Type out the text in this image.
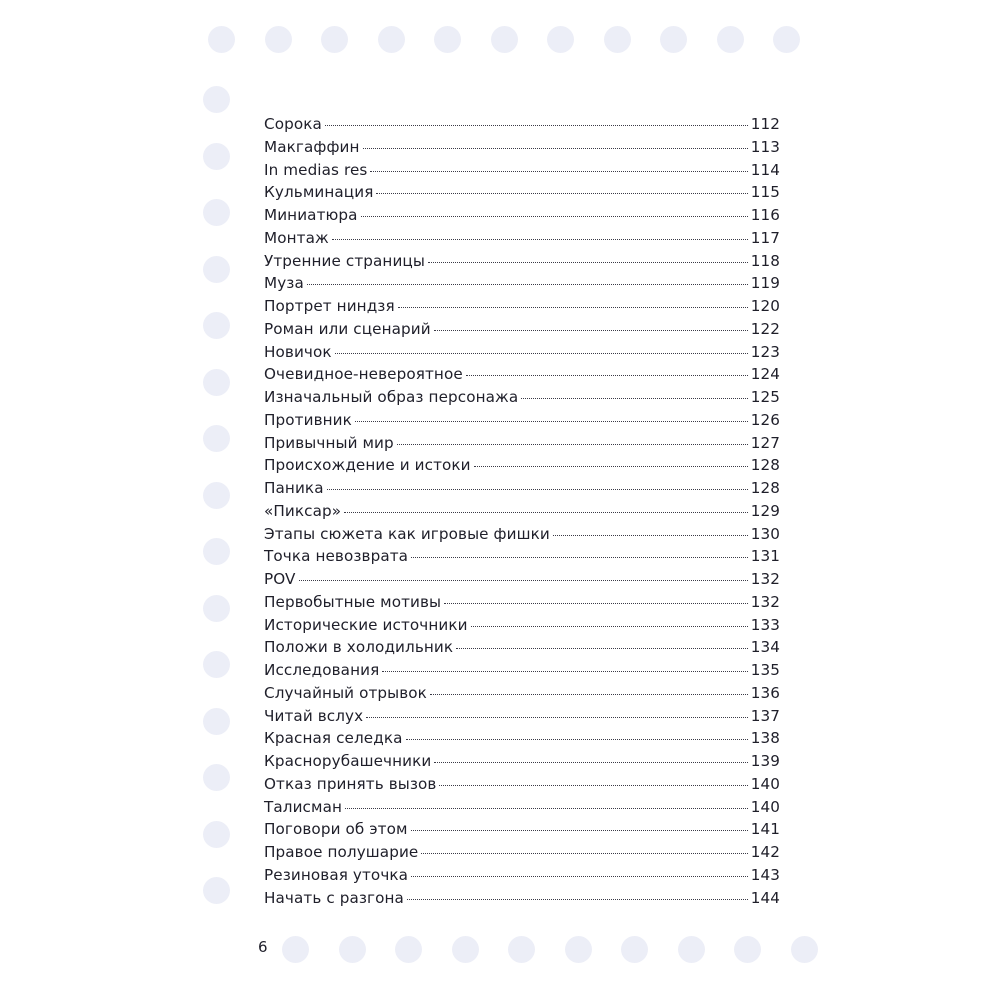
Сорока	112
Макгаффин	113
In medias res	114
Кульминация	115
Миниатюра	116
Монтаж	117
Утренние страницы	118
Муза	119
Портрет ниндзя	120
Роман или сценарий	122
Новичок	123
Очевидное-невероятное	124
Изначальный образ персонажа	125
Противник	126
Привычный мир	127
Происхождение и истоки	128
Паника	128
«Пиксар»	129
Этапы сюжета как игровые фишки	130
Точка невозврата	131
POV	132
Первобытные мотивы	132
Исторические источники	133
Положи в холодильник	134
Исследования	135
Случайный отрывок	136
Читай вслух	137
Красная селедка	138
Краснорубашечники	139
Отказ принять вызов	140
Талисман	140
Поговори об этом	141
Правое полушарие	142
Резиновая уточка	143
Начать с разгона	144
6
